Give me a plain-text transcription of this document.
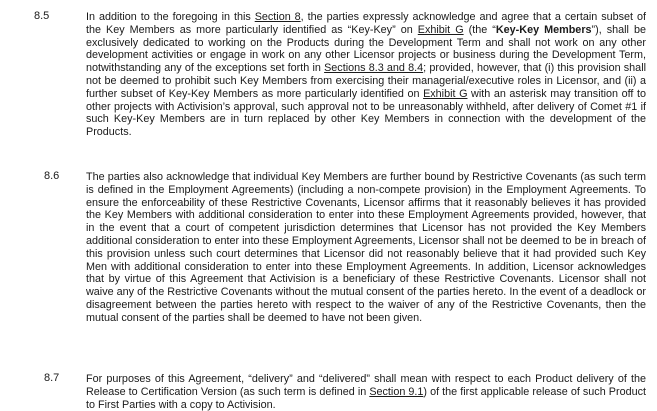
8.5	In addition to the foregoing in this Section 8, the parties expressly acknowledge and agree that a certain subset of the Key Members as more particularly identified as “Key-Key” on Exhibit G (the “Key-Key Members”), shall be exclusively dedicated to working on the Products during the Development Term and shall not work on any other development activities or engage in work on any other Licensor projects or business during the Development Term, notwithstanding any of the exceptions set forth in Sections 8.3 and 8.4; provided, however, that (i) this provision shall not be deemed to prohibit such Key Members from exercising their managerial/executive roles in Licensor, and (ii) a further subset of Key-Key Members as more particularly identified on Exhibit G with an asterisk may transition off to other projects with Activision’s approval, such approval not to be unreasonably withheld, after delivery of Comet #1 if such Key-Key Members are in turn replaced by other Key Members in connection with the development of the Products.
8.6 The parties also acknowledge that individual Key Members are further bound by Restrictive Covenants (as such term is defined in the Employment Agreements) (including a non-compete provision) in the Employment Agreements. To ensure the enforceability of these Restrictive Covenants, Licensor affirms that it reasonably believes it has provided the Key Members with additional consideration to enter into these Employment Agreements provided, however, that in the event that a court of competent jurisdiction determines that Licensor has not provided the Key Members additional consideration to enter into these Employment Agreements, Licensor shall not be deemed to be in breach of this provision unless such court determines that Licensor did not reasonably believe that it had provided such Key Men with additional consideration to enter into these Employment Agreements. In addition, Licensor acknowledges that by virtue of this Agreement that Activision is a beneficiary of these Restrictive Covenants. Licensor shall not waive any of the Restrictive Covenants without the mutual consent of the parties hereto. In the event of a deadlock or disagreement between the parties hereto with respect to the waiver of any of the Restrictive Covenants, then the mutual consent of the parties shall be deemed to have not been given.
8.7 For purposes of this Agreement, “delivery” and “delivered” shall mean with respect to each Product delivery of the Release to Certification Version (as such term is defined in Section 9.1) of the first applicable release of such Product to First Parties with a copy to Activision.
